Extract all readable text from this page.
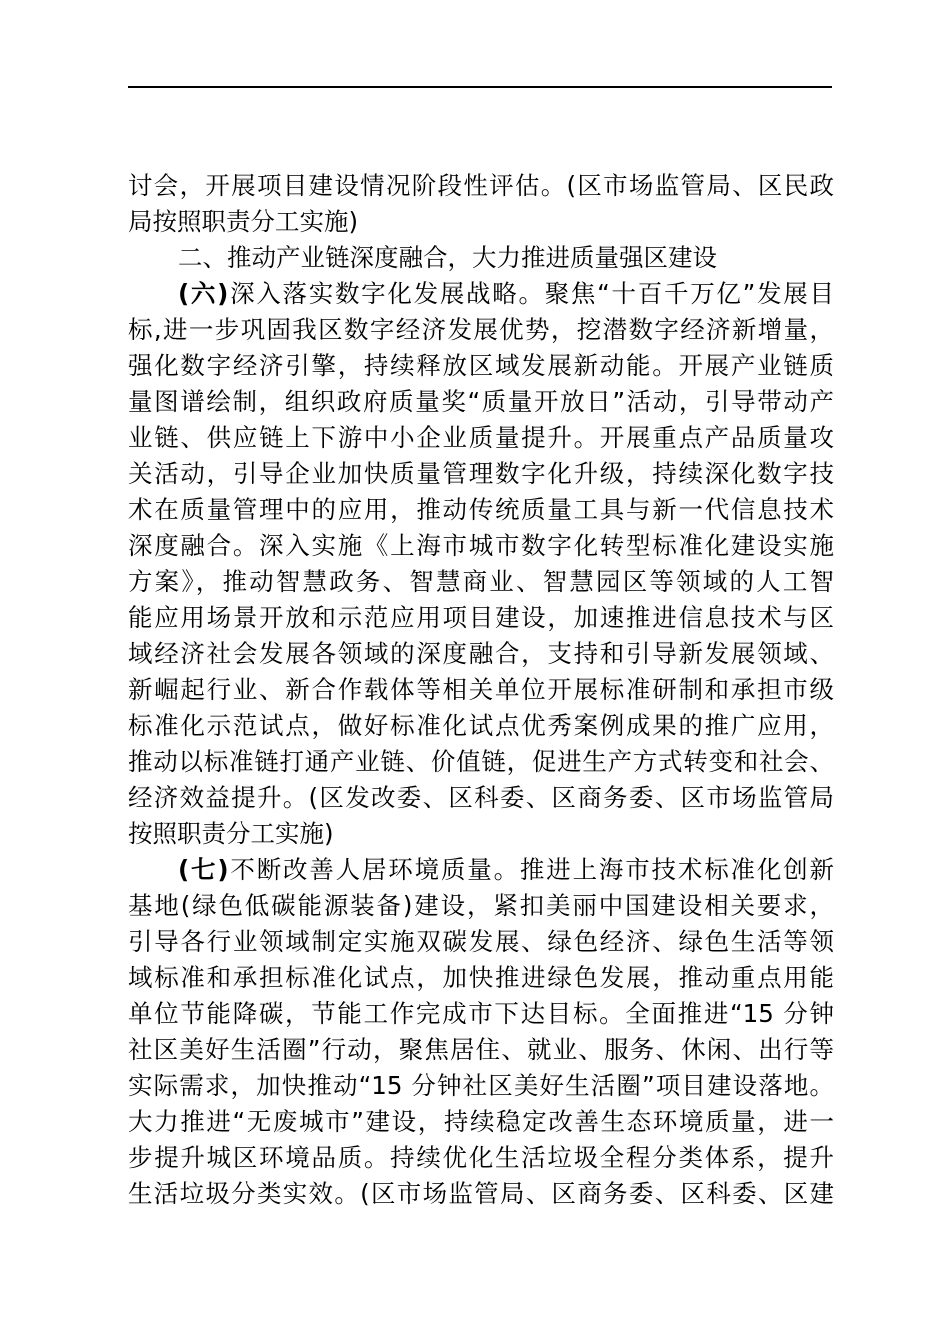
讨会，开展项目建设情况阶段性评估。(区市场监管局、区民政
局按照职责分工实施)
二、推动产业链深度融合，大力推进质量强区建设
(六)深入落实数字化发展战略。聚焦“十百千万亿”发展目
标,进一步巩固我区数字经济发展优势，挖潜数字经济新增量，
强化数字经济引擎，持续释放区域发展新动能。开展产业链质
量图谱绘制，组织政府质量奖“质量开放日”活动，引导带动产
业链、供应链上下游中小企业质量提升。开展重点产品质量攻
关活动，引导企业加快质量管理数字化升级，持续深化数字技
术在质量管理中的应用，推动传统质量工具与新一代信息技术
深度融合。深入实施《上海市城市数字化转型标准化建设实施
方案》，推动智慧政务、智慧商业、智慧园区等领域的人工智
能应用场景开放和示范应用项目建设，加速推进信息技术与区
域经济社会发展各领域的深度融合，支持和引导新发展领域、
新崛起行业、新合作载体等相关单位开展标准研制和承担市级
标准化示范试点，做好标准化试点优秀案例成果的推广应用，
推动以标准链打通产业链、价值链，促进生产方式转变和社会、
经济效益提升。(区发改委、区科委、区商务委、区市场监管局
按照职责分工实施)
(七)不断改善人居环境质量。推进上海市技术标准化创新
基地(绿色低碳能源装备)建设，紧扣美丽中国建设相关要求，
引导各行业领域制定实施双碳发展、绿色经济、绿色生活等领
域标准和承担标准化试点，加快推进绿色发展，推动重点用能
单位节能降碳，节能工作完成市下达目标。全面推进“15 分钟
社区美好生活圈”行动，聚焦居住、就业、服务、休闲、出行等
实际需求，加快推动“15 分钟社区美好生活圈”项目建设落地。
大力推进“无废城市”建设，持续稳定改善生态环境质量，进一
步提升城区环境品质。持续优化生活垃圾全程分类体系，提升
生活垃圾分类实效。(区市场监管局、区商务委、区科委、区建
